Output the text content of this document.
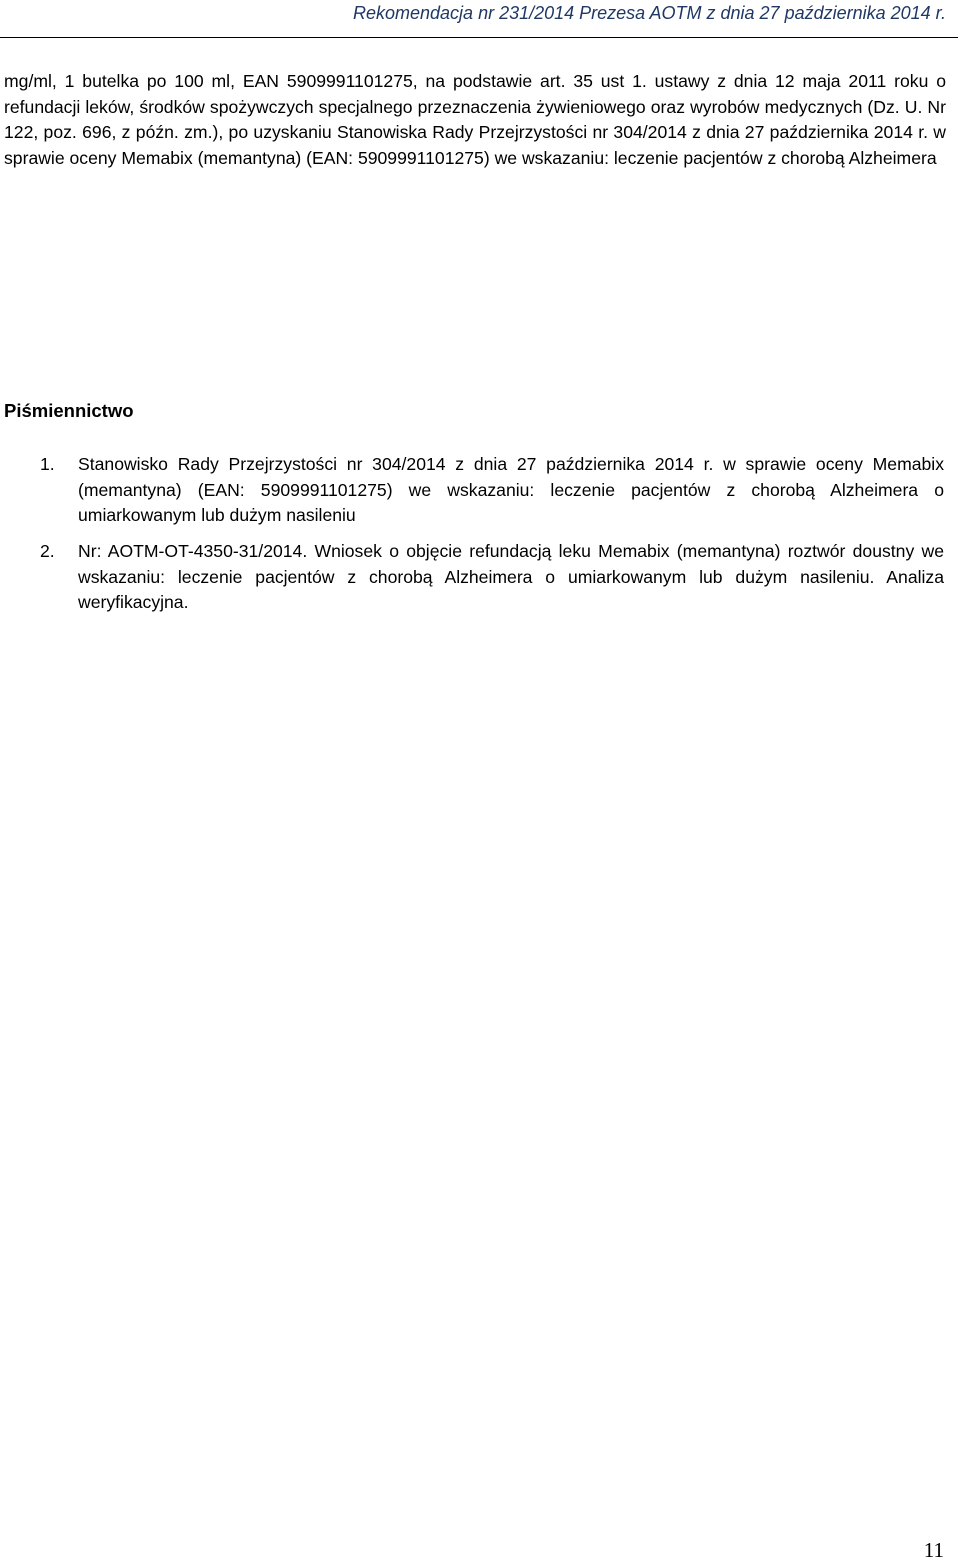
Rekomendacja nr 231/2014 Prezesa AOTM z dnia 27 października 2014 r.

mg/ml, 1 butelka po 100 ml, EAN 5909991101275, na podstawie art. 35 ust 1. ustawy z dnia 12 maja 2011 roku o refundacji leków, środków spożywczych specjalnego przeznaczenia żywieniowego oraz wyrobów medycznych (Dz. U. Nr 122, poz. 696, z późn. zm.), po uzyskaniu Stanowiska Rady Przejrzystości nr 304/2014 z dnia 27 października 2014 r. w sprawie oceny Memabix (memantyna) (EAN: 5909991101275) we wskazaniu: leczenie pacjentów z chorobą Alzheimera

Piśmiennictwo
1. Stanowisko Rady Przejrzystości nr 304/2014 z dnia 27 października 2014 r. w sprawie oceny Memabix (memantyna) (EAN: 5909991101275) we wskazaniu: leczenie pacjentów z chorobą Alzheimera o umiarkowanym lub dużym nasileniu
2. Nr: AOTM-OT-4350-31/2014. Wniosek o objęcie refundacją leku Memabix (memantyna) roztwór doustny we wskazaniu: leczenie pacjentów z chorobą Alzheimera o umiarkowanym lub dużym nasileniu. Analiza weryfikacyjna.
11
